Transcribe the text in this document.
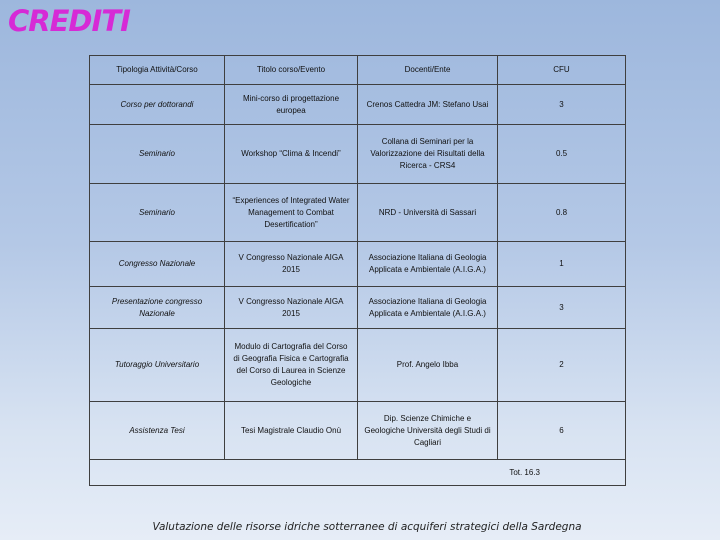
CREDITI
Tipologia Attività/Corso	Titolo corso/Evento	Docenti/Ente	CFU
Corso per dottorandi	Mini-corso di progettazione europea	Crenos Cattedra JM: Stefano Usai	3
Seminario	Workshop “Clima & Incendi”	Collana di Seminari per la Valorizzazione dei Risultati della Ricerca - CRS4	0.5
Seminario	“Experiences of Integrated Water Management to Combat Desertification”	NRD - Università di Sassari	0.8
Congresso Nazionale	V Congresso Nazionale AIGA 2015	Associazione Italiana di Geologia Applicata e Ambientale (A.I.G.A.)	1
Presentazione congresso Nazionale	V Congresso Nazionale AIGA 2015	Associazione Italiana di Geologia Applicata e Ambientale (A.I.G.A.)	3
Tutoraggio Universitario	Modulo di Cartografia del Corso di Geografia Fisica e Cartografia del Corso di Laurea in Scienze Geologiche	Prof. Angelo Ibba	2
Assistenza Tesi	Tesi Magistrale Claudio Onù	Dip. Scienze Chimiche e Geologiche Università degli Studi di Cagliari	6
Tot. 16.3			
Valutazione delle risorse idriche sotterranee di acquiferi strategici della Sardegna
